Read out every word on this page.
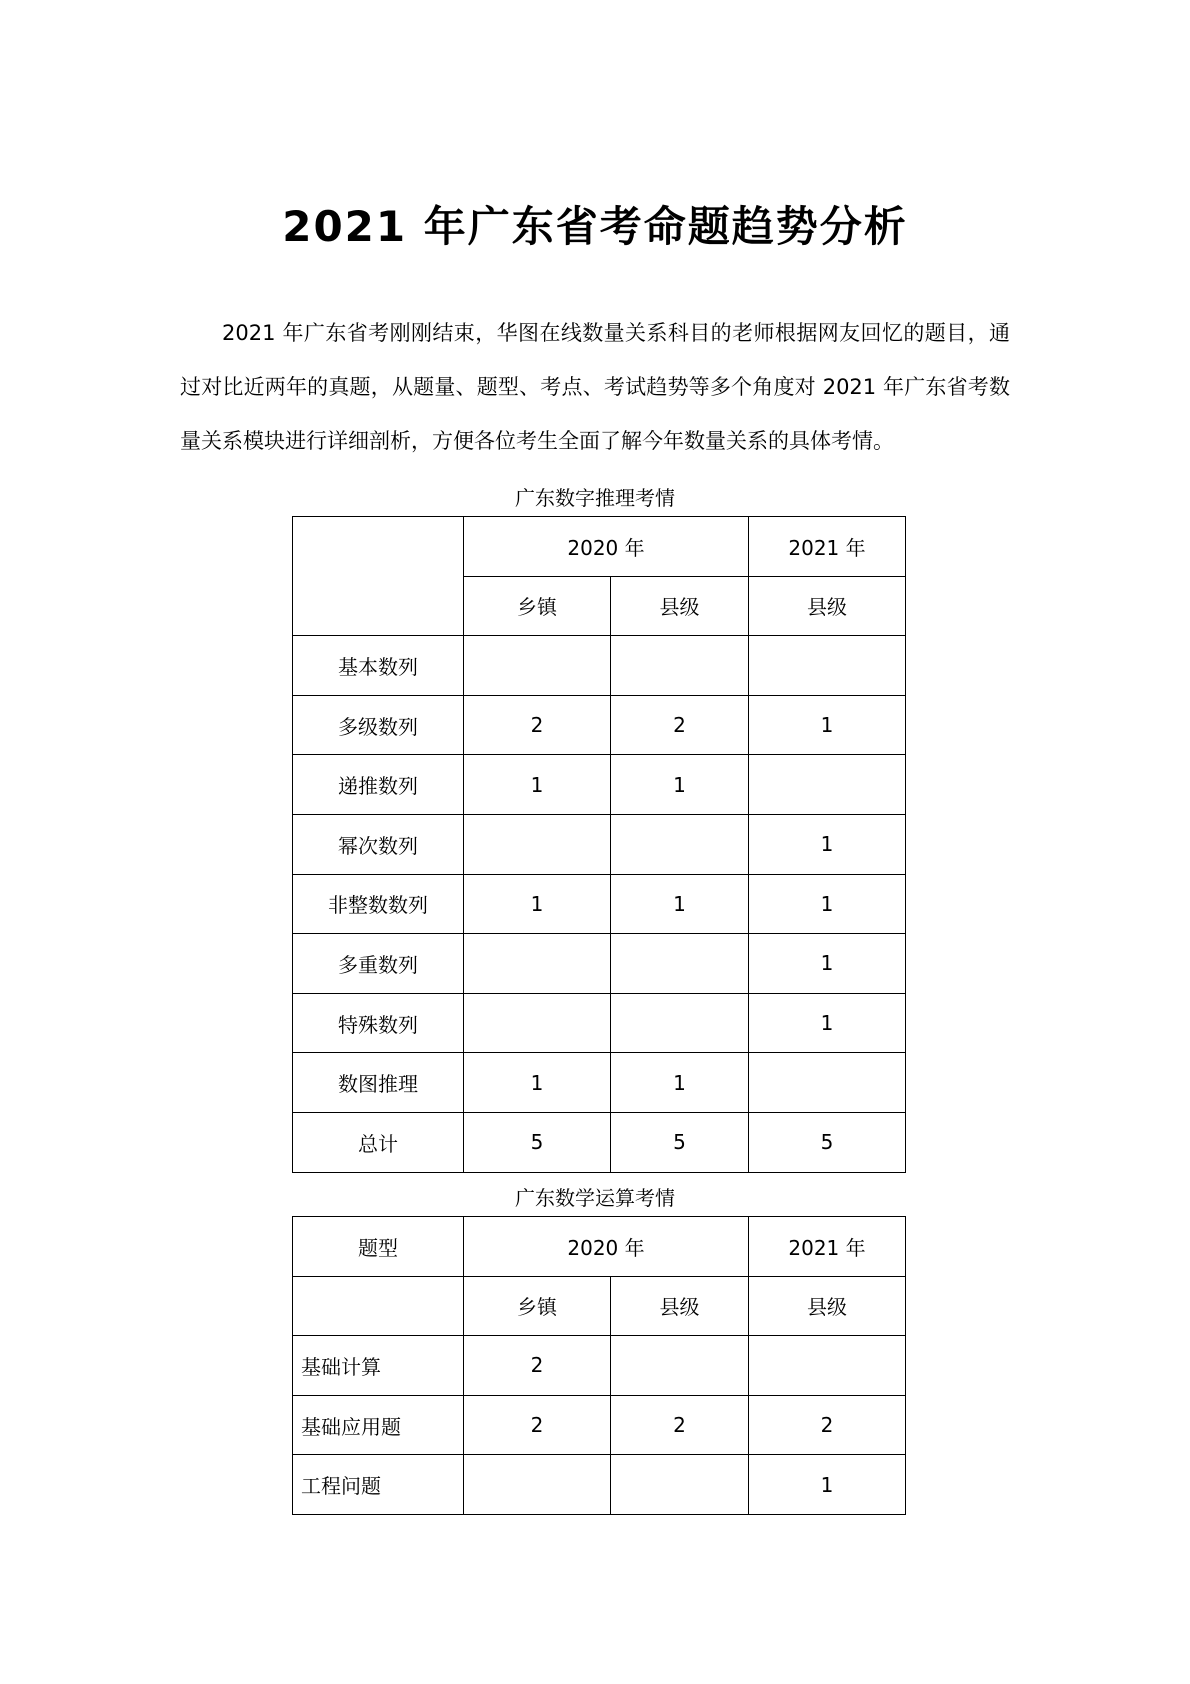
2021 年广东省考命题趋势分析

2021 年广东省考刚刚结束，华图在线数量关系科目的老师根据网友回忆的题目，通过对比近两年的真题，从题量、题型、考点、考试趋势等多个角度对 2021 年广东省考数量关系模块进行详细剖析，方便各位考生全面了解今年数量关系的具体考情。

广东数字推理考情

	2020 年		2021 年
	乡镇	县级	县级
基本数列			
多级数列	2	2	1
递推数列	1	1	
幂次数列			1
非整数数列	1	1	1
多重数列			1
特殊数列			1
数图推理	1	1	
总计	5	5	5

广东数学运算考情

题型	2020 年		2021 年
	乡镇	县级	县级
基础计算	2		
基础应用题	2	2	2
工程问题			1
